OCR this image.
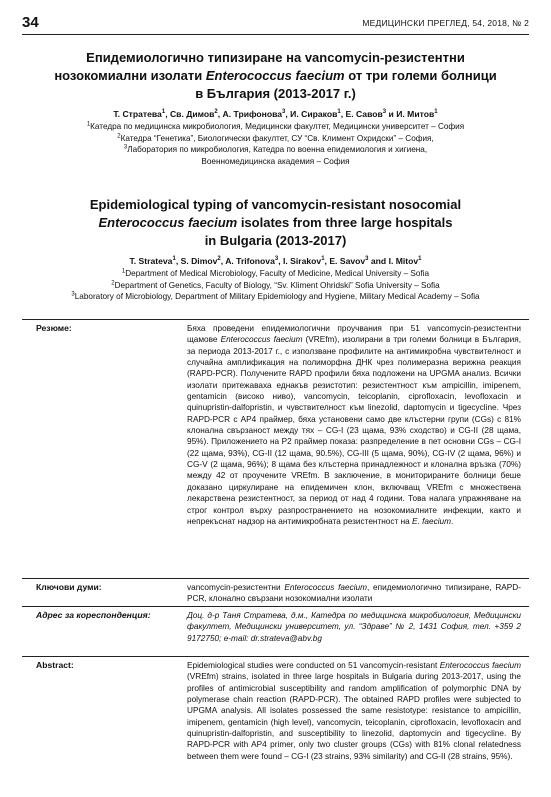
34	МЕДИЦИНСКИ ПРЕГЛЕД, 54, 2018, № 2
Епидемиологично типизиране на vancomycin-резистентни
нозокомиални изолати Enterococcus faecium от три големи болници
в България (2013-2017 г.)
Т. Стратева$^1$, Св. Димов$^2$, А. Трифонова$^3$, И. Сираков$^1$, Е. Савов$^3$ и И. Митов$^1$
$^1$Катедра по медицинска микробиология, Медицински факултет, Медицински университет – София
$^2$Катедра “Генетика”, Биологически факултет, СУ “Св. Климент Охридски” – София,
$^3$Лаборатория по микробиология, Катедра по военна епидемиология и хигиена,
Военномедицинска академия – София
Epidemiological typing of vancomycin-resistant nosocomial
Enterococcus faecium isolates from three large hospitals
in Bulgaria (2013-2017)
T. Strateva$^1$, S. Dimov$^2$, A. Trifonova$^3$, I. Sirakov$^1$, E. Savov$^3$ and I. Mitov$^1$
$^1$Department of Medical Microbiology, Faculty of Medicine, Medical University – Sofia
$^2$Department of Genetics, Faculty of Biology, “Sv. Kliment Ohridski” Sofia University – Sofia
$^3$Laboratory of Microbiology, Department of Military Epidemiology and Hygiene, Military Medical Academy – Sofia
Резюме:	Бяха проведени епидемиологични проучвания при 51 vancomycin-резистентни щамове Enterococcus faecium (VREfm), изолирани в три големи болници в България, за периода 2013-2017 г., с използване профилите на антимикробна чувствителност и случайна амплификация на полиморфна ДНК чрез полимеразна верижна реакция (RAPD-PCR). Получените RAPD профили бяха подложени на UPGMA анализ. Всички изолати притежаваха еднакъв резистотип: резистентност към ampicillin, imipenem, gentamicin (високо ниво), vancomycin, teicoplanin, ciprofloxacin, levofloxacin и quinupristin-dalfopristin, и чувствителност към linezolid, daptomycin и tigecycline. Чрез RAPD-PCR с AP4 праймер, бяха установени само две клъстерни групи (CGs) с 81% клонална свързаност между тях – CG-I (23 щама, 93% сходство) и CG-II (28 щама, 95%). Приложението на P2 праймер показа: разпределение в пет основни CGs – CG-I (22 щама, 93%), CG-II (12 щама, 90.5%), CG-III (5 щама, 90%), CG-IV (2 щама, 96%) и CG-V (2 щама, 96%); 8 щама без клъстерна принадлежност и клонална връзка (70%) между 42 от проучените VREfm. В заключение, в мониторираните болници беше доказано циркулиране на епидемичен клон, включващ VREfm с множествена лекарствена резистентност, за период от над 4 години. Това налага упражняване на строг контрол върху разпространението на нозокомиалните инфекции, както и непрекъснат надзор на антимикробната резистентност на E. faecium.
Ключови думи:	vancomycin-резистентни Enterococcus faecium, епидемиологично типизиране, RAPD-PCR, клонално свързани нозокомиални изолати
Адрес за кореспонденция:	Доц. д-р Таня Стратева, д.м., Катедра по медицинска микробиология, Медицински факултет, Медицински университет, ул. “Здраве” № 2, 1431 София, тел. +359 2 9172750; e-mail: dr.strateva@abv.bg
Abstract:	Epidemiological studies were conducted on 51 vancomycin-resistant Enterococcus faecium (VREfm) strains, isolated in three large hospitals in Bulgaria during 2013-2017, using the profiles of antimicrobial susceptibility and random amplification of polymorphic DNA by polymerase chain reaction (RAPD-PCR). The obtained RAPD profiles were subjected to UPGMA analysis. All isolates possessed the same resistotype: resistance to ampicillin, imipenem, gentamicin (high level), vancomycin, teicoplanin, ciprofloxacin, levofloxacin and quinupristin-dalfopristin, and susceptibility to linezolid, daptomycin and tigecycline. By RAPD-PCR with AP4 primer, only two cluster groups (CGs) with 81% clonal relatedness between them were found – CG-I (23 strains, 93% similarity) and CG-II (28 strains, 95%).
